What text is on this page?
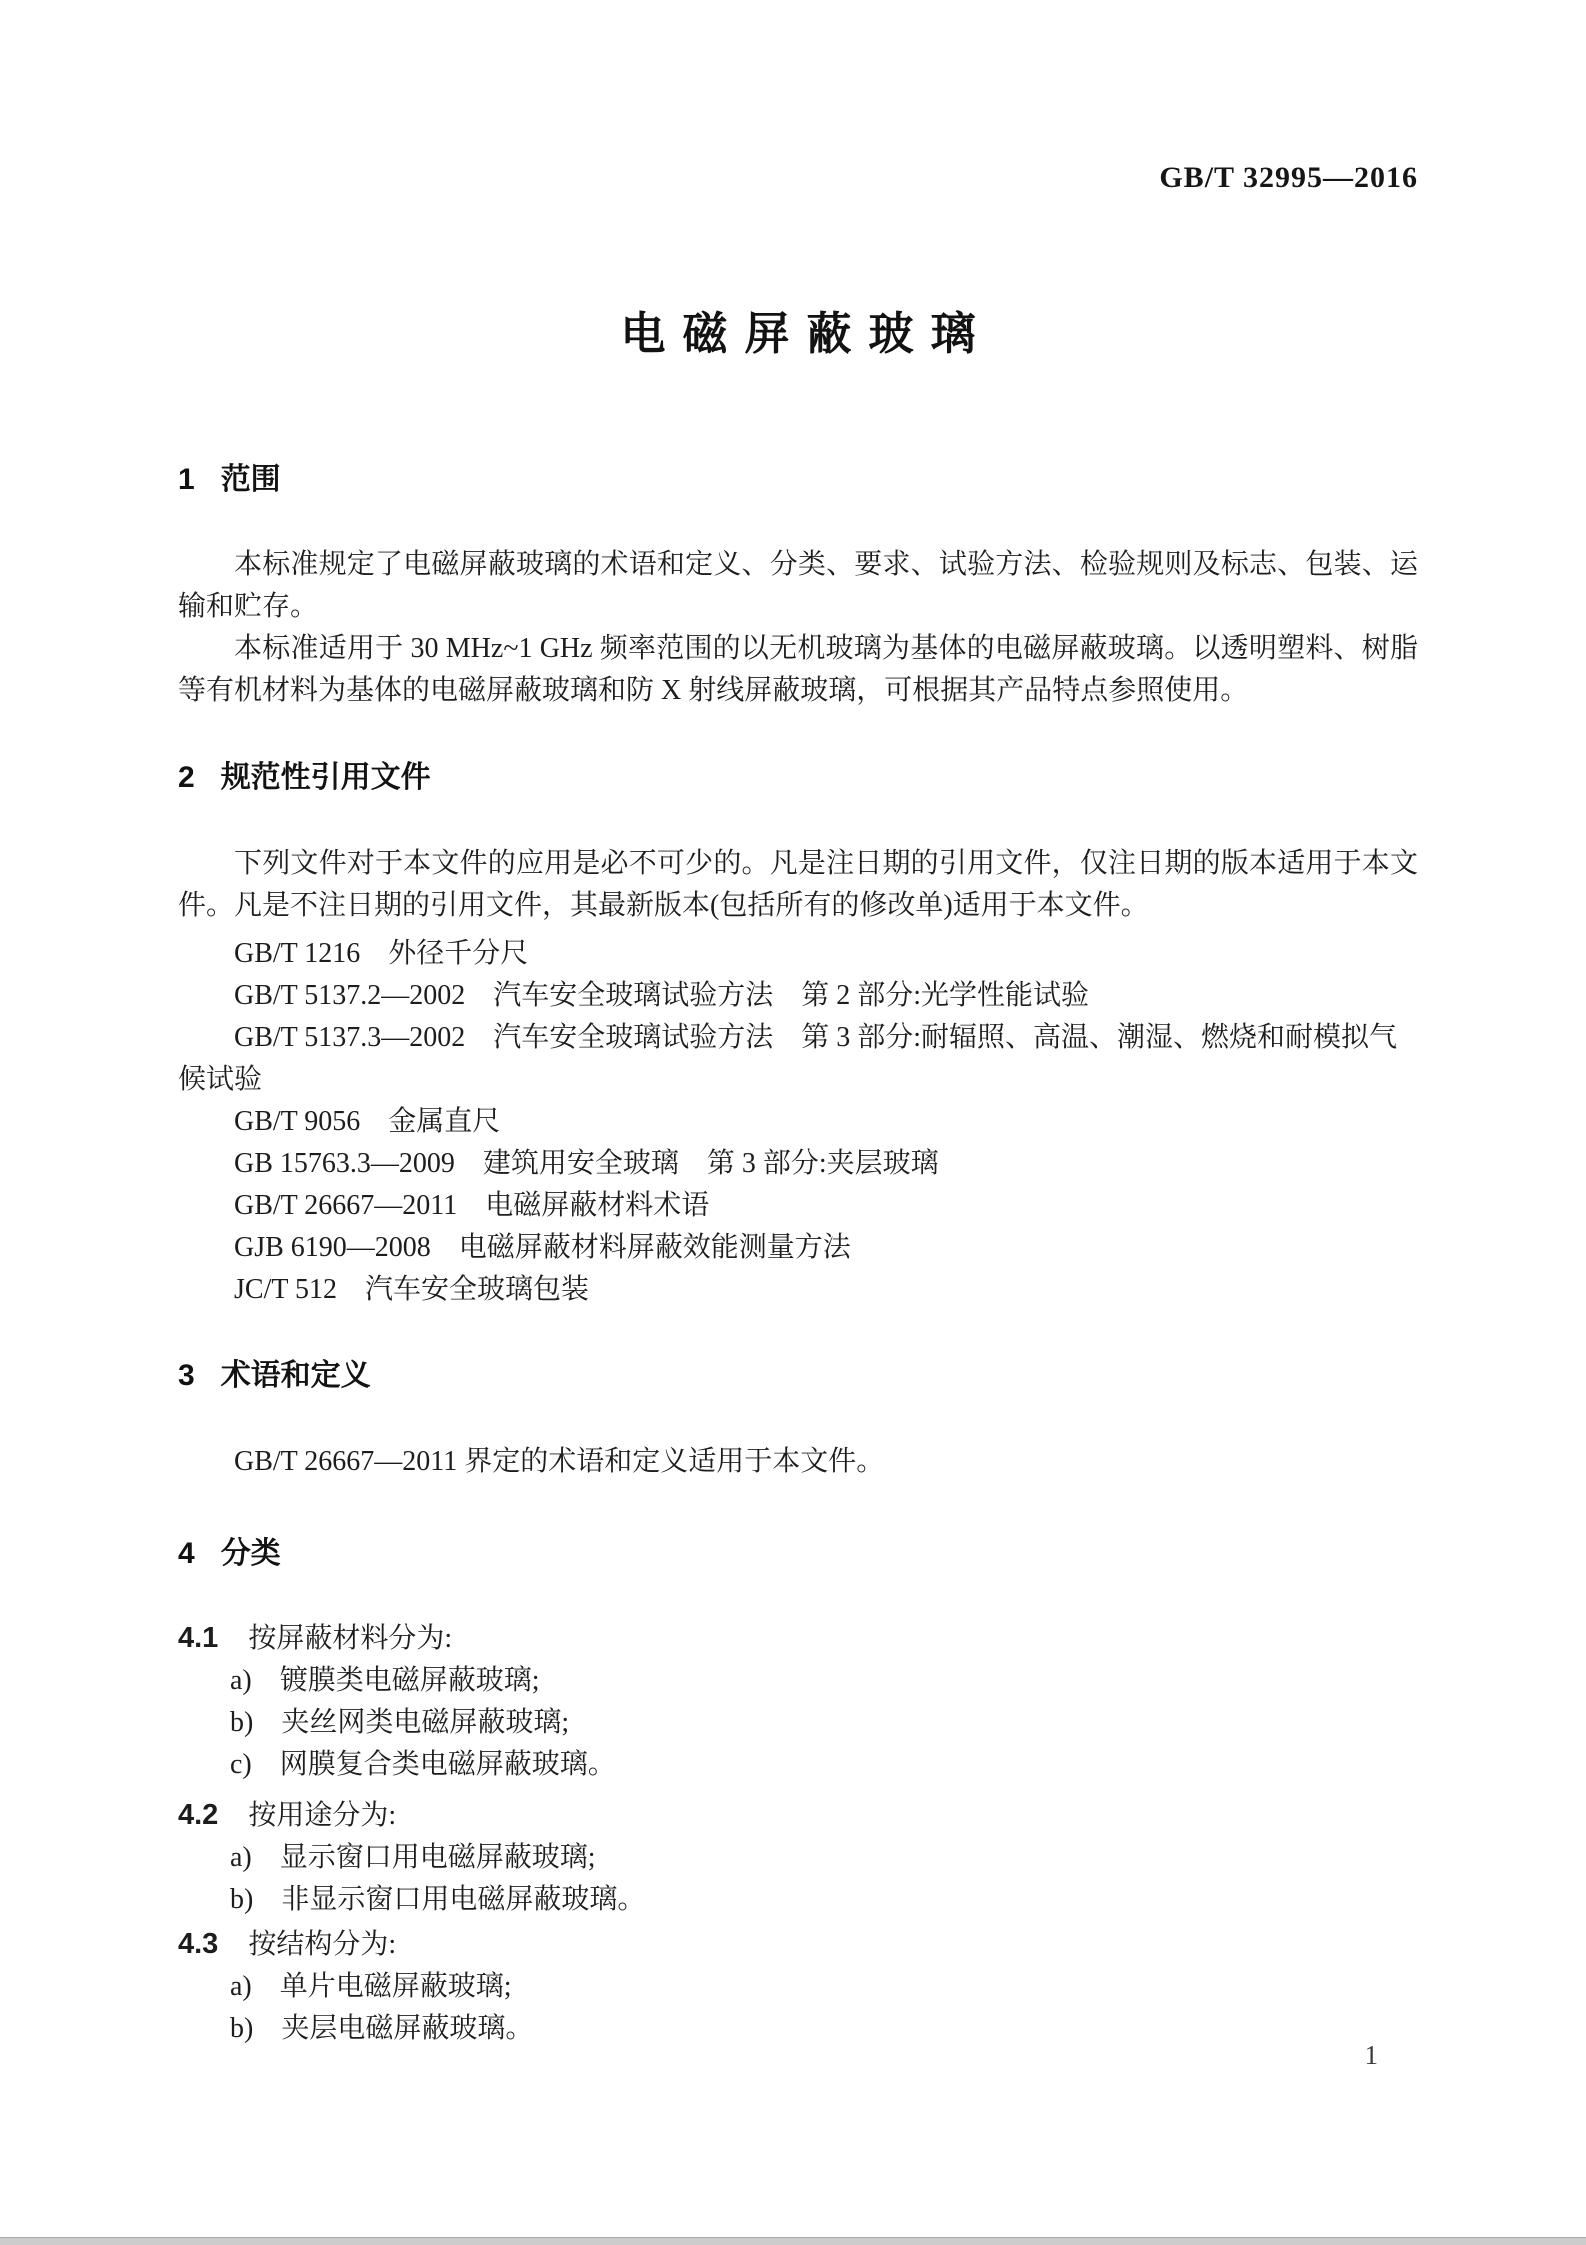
GB/T 32995—2016
电磁屏蔽玻璃
1 范围

本标准规定了电磁屏蔽玻璃的术语和定义、分类、要求、试验方法、检验规则及标志、包装、运输和贮存。

本标准适用于 30 MHz~1 GHz 频率范围的以无机玻璃为基体的电磁屏蔽玻璃。以透明塑料、树脂等有机材料为基体的电磁屏蔽玻璃和防 X 射线屏蔽玻璃，可根据其产品特点参照使用。

2 规范性引用文件

下列文件对于本文件的应用是必不可少的。凡是注日期的引用文件，仅注日期的版本适用于本文件。凡是不注日期的引用文件，其最新版本(包括所有的修改单)适用于本文件。

GB/T 1216　外径千分尺

GB/T 5137.2—2002　汽车安全玻璃试验方法　第 2 部分:光学性能试验

GB/T 5137.3—2002　汽车安全玻璃试验方法　第 3 部分:耐辐照、高温、潮湿、燃烧和耐模拟气候试验

GB/T 9056　金属直尺

GB 15763.3—2009　建筑用安全玻璃　第 3 部分:夹层玻璃

GB/T 26667—2011　电磁屏蔽材料术语

GJB 6190—2008　电磁屏蔽材料屏蔽效能测量方法

JC/T 512　汽车安全玻璃包装

3 术语和定义

GB/T 26667—2011 界定的术语和定义适用于本文件。

4 分类

4.1 按屏蔽材料分为:

a)　镀膜类电磁屏蔽玻璃;

b)　夹丝网类电磁屏蔽玻璃;

c)　网膜复合类电磁屏蔽玻璃。

4.2 按用途分为:

a)　显示窗口用电磁屏蔽玻璃;

b)　非显示窗口用电磁屏蔽玻璃。

4.3 按结构分为:

a)　单片电磁屏蔽玻璃;

b)　夹层电磁屏蔽玻璃。

1
